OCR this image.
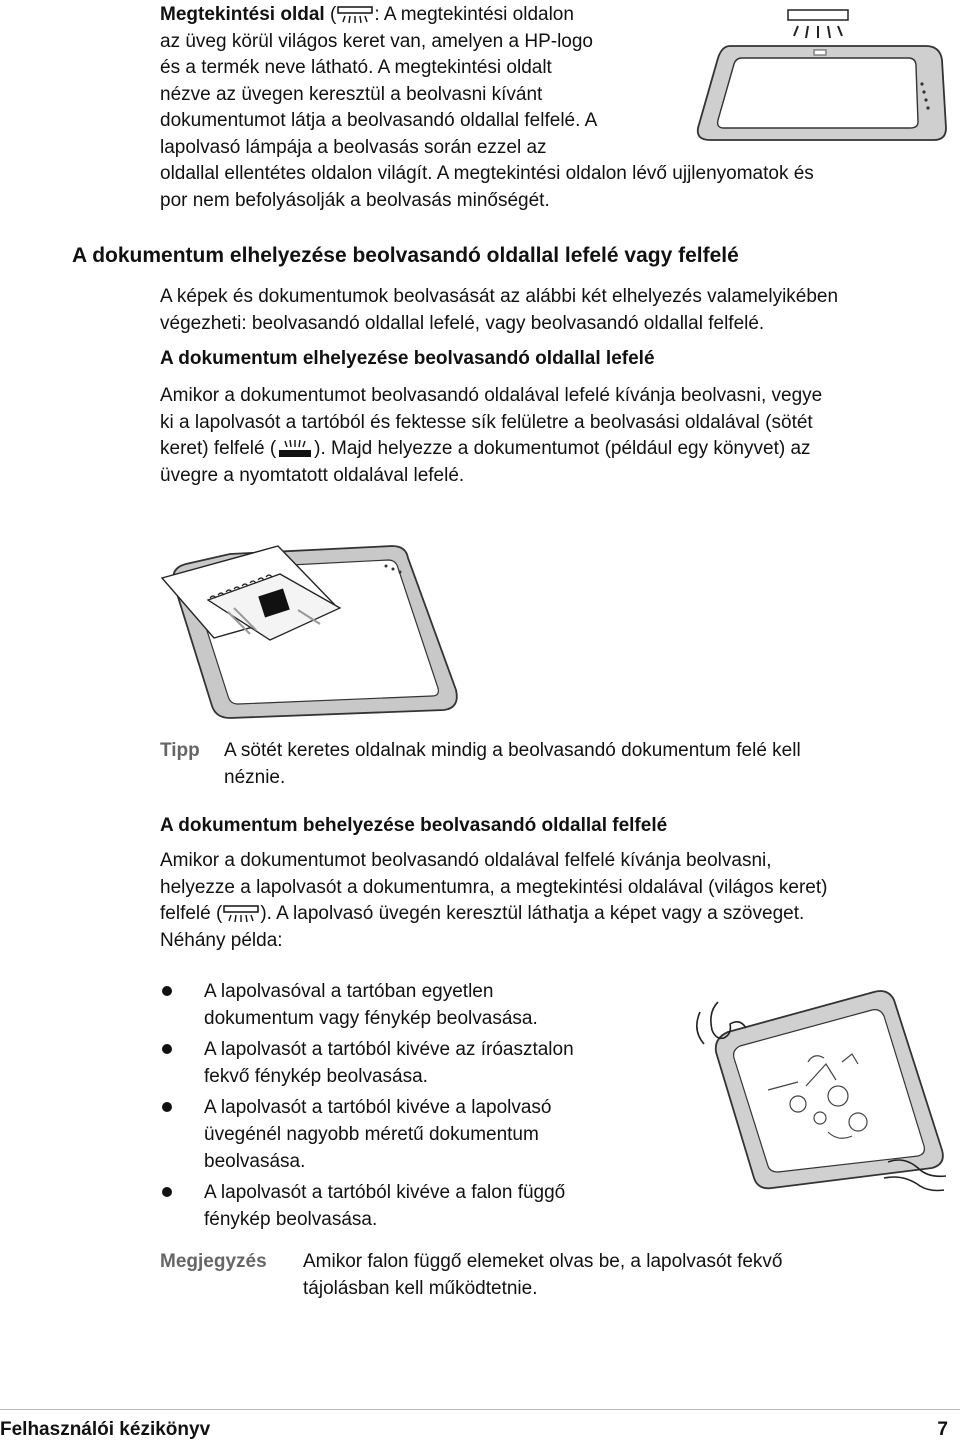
Megtekintési oldal ( : A megtekintési oldalon
az üveg körül világos keret van, amelyen a HP-logo
és a termék neve látható. A megtekintési oldalt
nézve az üvegen keresztül a beolvasni kívánt
dokumentumot látja a beolvasandó oldallal felfelé. A
lapolvasó lámpája a beolvasás során ezzel az
oldallal ellentétes oldalon világít. A megtekintési oldalon lévő ujjlenyomatok és
por nem befolyásolják a beolvasás minőségét.
A dokumentum elhelyezése beolvasandó oldallal lefelé vagy felfelé
A képek és dokumentumok beolvasását az alábbi két elhelyezés valamelyikében
végezheti: beolvasandó oldallal lefelé, vagy beolvasandó oldallal felfelé.
A dokumentum elhelyezése beolvasandó oldallal lefelé
Amikor a dokumentumot beolvasandó oldalával lefelé kívánja beolvasni, vegye
ki a lapolvasót a tartóból és fektesse sík felületre a beolvasási oldalával (sötét
keret) felfelé ( ). Majd helyezze a dokumentumot (például egy könyvet) az
üvegre a nyomtatott oldalával lefelé.
Tipp A sötét keretes oldalnak mindig a beolvasandó dokumentum felé kell
néznie.
A dokumentum behelyezése beolvasandó oldallal felfelé
Amikor a dokumentumot beolvasandó oldalával felfelé kívánja beolvasni,
helyezze a lapolvasót a dokumentumra, a megtekintési oldalával (világos keret)
felfelé ( ). A lapolvasó üvegén keresztül láthatja a képet vagy a szöveget.
Néhány példa:
A lapolvasóval a tartóban egyetlen
dokumentum vagy fénykép beolvasása.
A lapolvasót a tartóból kivéve az íróasztalon
fekvő fénykép beolvasása.
A lapolvasót a tartóból kivéve a lapolvasó
üvegénél nagyobb méretű dokumentum
beolvasása.
A lapolvasót a tartóból kivéve a falon függő
fénykép beolvasása.
Megjegyzés Amikor falon függő elemeket olvas be, a lapolvasót fekvő
tájolásban kell működtetnie.
Felhasználói kézikönyv	7
